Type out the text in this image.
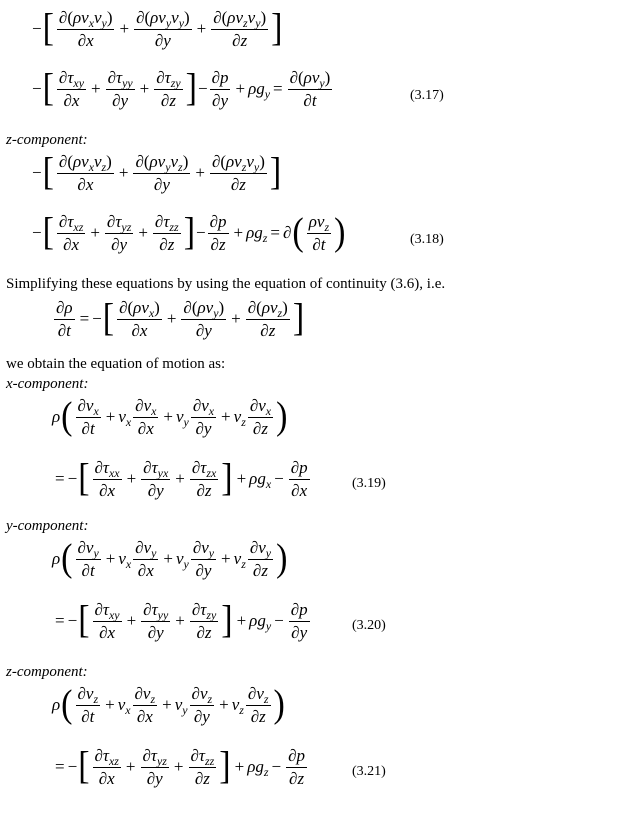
− [ $\frac{\partial(\rho v_xv_y)}{\partial x} + \frac{\partial(\rho v_yv_y)}{\partial y} + \frac{\partial(\rho v_zv_y)}{\partial z}$ ]
− [ $\frac{\partial\tau_{xy}}{\partial x} + \frac{\partial\tau_{yy}}{\partial y} + \frac{\partial\tau_{zy}}{\partial z}$ ] − $\frac{\partial p}{\partial y} + \rho g_y = \frac{\partial(\rho v_y)}{\partial t}$	(3.17)
z-component:
− [ $\frac{\partial(\rho v_xv_z)}{\partial x} + \frac{\partial(\rho v_yv_z)}{\partial y} + \frac{\partial(\rho v_zv_y)}{\partial z}$ ]
− [ $\frac{\partial\tau_{xz}}{\partial x} + \frac{\partial\tau_{yz}}{\partial y} + \frac{\partial\tau_{zz}}{\partial z}$ ] − $\frac{\partial p}{\partial z} + \rho g_z$ = ∂ ( $\frac{\rho v_z}{\partial t}$ )	(3.18)
Simplifying these equations by using the equation of continuity (3.6), i.e.
$\frac{\partial\rho}{\partial t}$ = − [ $\frac{\partial(\rho v_x)}{\partial x} + \frac{\partial(\rho v_y)}{\partial y} + \frac{\partial(\rho v_z)}{\partial z}$ ]
we obtain the equation of motion as:
x-component:
ρ ( $\frac{\partial v_x}{\partial t} + v_x \frac{\partial v_x}{\partial x} + v_y \frac{\partial v_x}{\partial y} + v_z \frac{\partial v_x}{\partial z}$ )
= − [ $\frac{\partial\tau_{xx}}{\partial x} + \frac{\partial\tau_{yx}}{\partial y} + \frac{\partial\tau_{zx}}{\partial z}$ ] + $\rho g_x - \frac{\partial p}{\partial x}$	(3.19)
y-component:
ρ ( $\frac{\partial v_y}{\partial t} + v_x \frac{\partial v_y}{\partial x} + v_y \frac{\partial v_y}{\partial y} + v_z \frac{\partial v_y}{\partial z}$ )
= − [ $\frac{\partial\tau_{xy}}{\partial x} + \frac{\partial\tau_{yy}}{\partial y} + \frac{\partial\tau_{zy}}{\partial z}$ ] + $\rho g_y - \frac{\partial p}{\partial y}$	(3.20)
z-component:
ρ ( $\frac{\partial v_z}{\partial t} + v_x \frac{\partial v_z}{\partial x} + v_y \frac{\partial v_z}{\partial y} + v_z \frac{\partial v_z}{\partial z}$ )
= − [ $\frac{\partial\tau_{xz}}{\partial x} + \frac{\partial\tau_{yz}}{\partial y} + \frac{\partial\tau_{zz}}{\partial z}$ ] + $\rho g_z - \frac{\partial p}{\partial z}$	(3.21)
